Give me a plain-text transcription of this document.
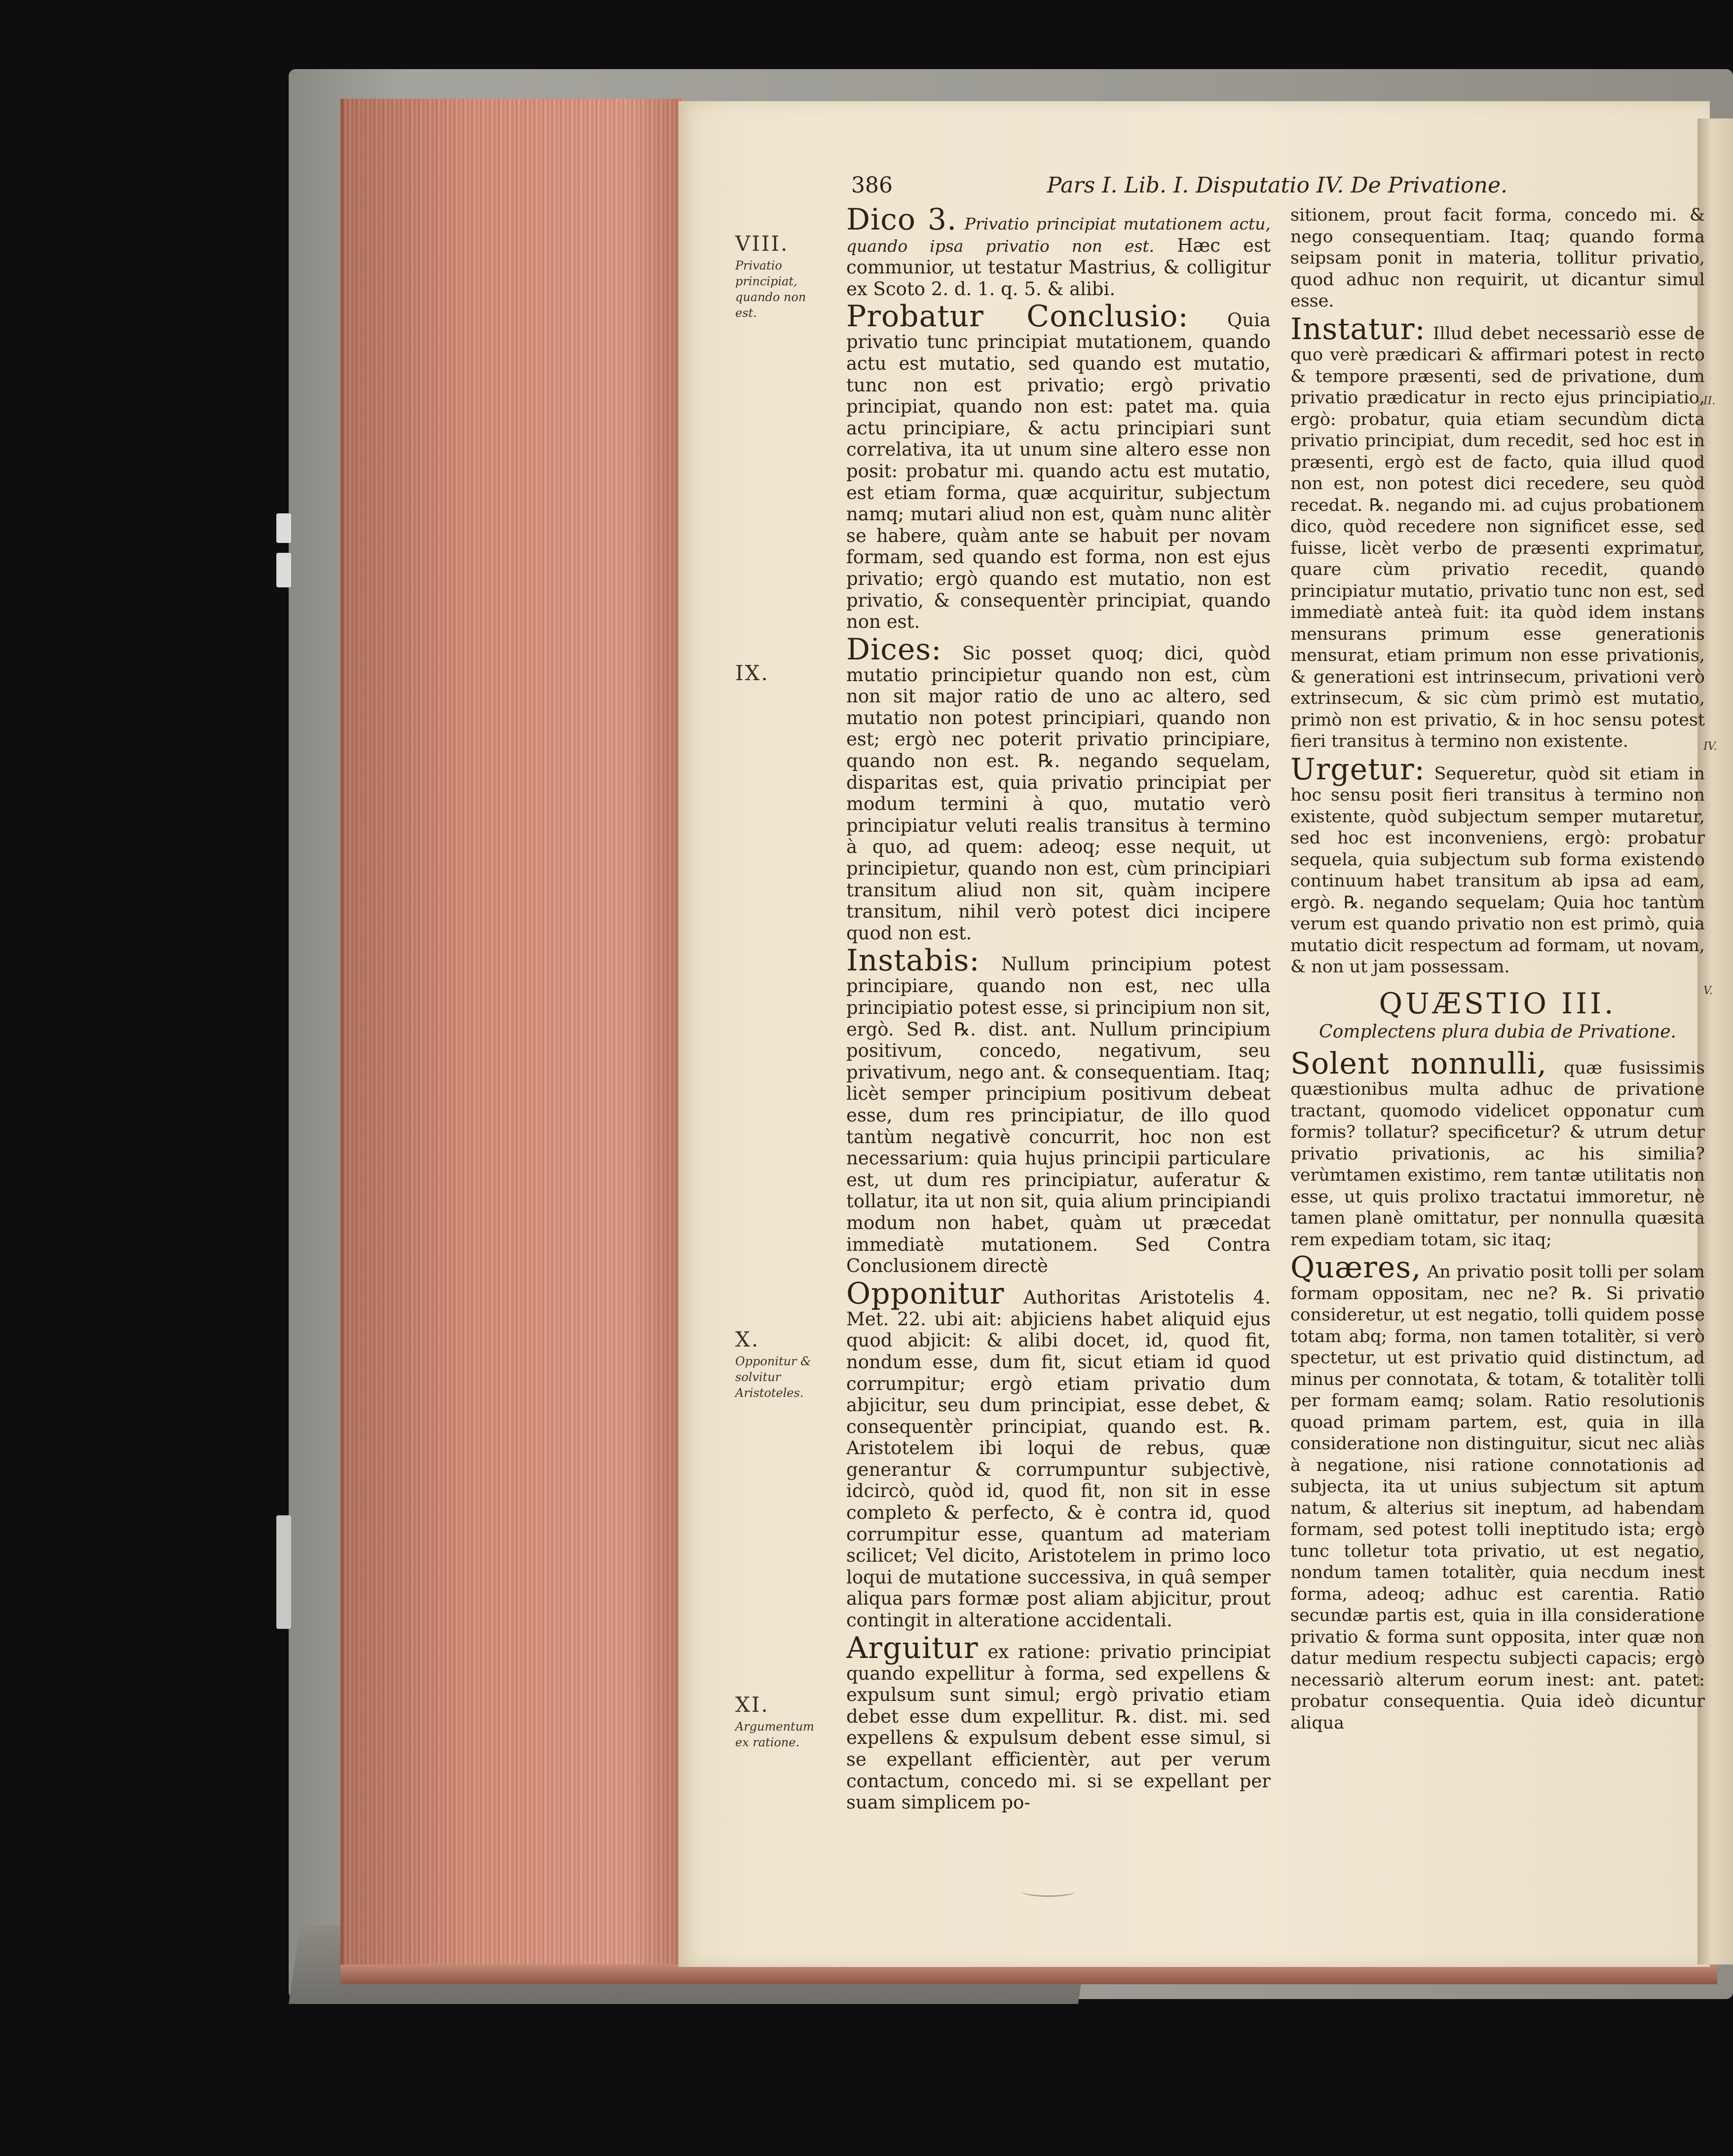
386	Pars I. Lib. I. Disputatio IV. De Privatione.
VIII.
Privatio principiat, quando non est.
IX.
X.
Opponitur & solvitur Aristoteles.
XI.
Argumentum ex ratione.
II.
IV.
V.

Dico 3. Privatio principiat mutationem actu, quando ipsa privatio non est. Hæc est communior, ut testatur Mastrius, & colligitur ex Scoto 2. d. 1. q. 5. & alibi.

Probatur Conclusio: Quia privatio tunc principiat mutationem, quando actu est mutatio, sed quando est mutatio, tunc non est privatio; ergò privatio principiat, quando non est: patet ma. quia actu principiare, & actu principiari sunt correlativa, ita ut unum sine altero esse non posit: probatur mi. quando actu est mutatio, est etiam forma, quæ acquiritur, subjectum namq; mutari aliud non est, quàm nunc alitèr se habere, quàm ante se habuit per novam formam, sed quando est forma, non est ejus privatio; ergò quando est mutatio, non est privatio, & consequentèr principiat, quando non est.

Dices: Sic posset quoq; dici, quòd mutatio principietur quando non est, cùm non sit major ratio de uno ac altero, sed mutatio non potest principiari, quando non est; ergò nec poterit privatio principiare, quando non est. ℞. negando sequelam, disparitas est, quia privatio principiat per modum termini à quo, mutatio verò principiatur veluti realis transitus à termino à quo, ad quem: adeoq; esse nequit, ut principietur, quando non est, cùm principiari transitum aliud non sit, quàm incipere transitum, nihil verò potest dici incipere quod non est.

Instabis: Nullum principium potest principiare, quando non est, nec ulla principiatio potest esse, si principium non sit, ergò. Sed ℞. dist. ant. Nullum principium positivum, concedo, negativum, seu privativum, nego ant. & consequentiam. Itaq; licèt semper principium positivum debeat esse, dum res principiatur, de illo quod tantùm negativè concurrit, hoc non est necessarium: quia hujus principii particulare est, ut dum res principiatur, auferatur & tollatur, ita ut non sit, quia alium principiandi modum non habet, quàm ut præcedat immediatè mutationem. Sed Contra Conclusionem directè

Opponitur Authoritas Aristotelis 4. Met. 22. ubi ait: abjiciens habet aliquid ejus quod abjicit: & alibi docet, id, quod fit, nondum esse, dum fit, sicut etiam id quod corrumpitur; ergò etiam privatio dum abjicitur, seu dum principiat, esse debet, & consequentèr principiat, quando est. ℞. Aristotelem ibi loqui de rebus, quæ generantur & corrumpuntur subjectivè, idcircò, quòd id, quod fit, non sit in esse completo & perfecto, & è contra id, quod corrumpitur esse, quantum ad materiam scilicet; Vel dicito, Aristotelem in primo loco loqui de mutatione successiva, in quâ semper aliqua pars formæ post aliam abjicitur, prout contingit in alteratione accidentali.

Arguitur ex ratione: privatio principiat quando expellitur à forma, sed expellens & expulsum sunt simul; ergò privatio etiam debet esse dum expellitur. ℞. dist. mi. sed expellens & expulsum debent esse simul, si se expellant efficientèr, aut per verum contactum, concedo mi. si se expellant per suam simplicem po-

sitionem, prout facit forma, concedo mi. & nego consequentiam. Itaq; quando forma seipsam ponit in materia, tollitur privatio, quod adhuc non requirit, ut dicantur simul esse.

Instatur: Illud debet necessariò esse de quo verè prædicari & affirmari potest in recto & tempore præsenti, sed de privatione, dum privatio prædicatur in recto ejus principiatio, ergò: probatur, quia etiam secundùm dicta privatio principiat, dum recedit, sed hoc est in præsenti, ergò est de facto, quia illud quod non est, non potest dici recedere, seu quòd recedat. ℞. negando mi. ad cujus probationem dico, quòd recedere non significet esse, sed fuisse, licèt verbo de præsenti exprimatur, quare cùm privatio recedit, quando principiatur mutatio, privatio tunc non est, sed immediatè anteà fuit: ita quòd idem instans mensurans primum esse generationis mensurat, etiam primum non esse privationis, & generationi est intrinsecum, privationi verò extrinsecum, & sic cùm primò est mutatio, primò non est privatio, & in hoc sensu potest fieri transitus à termino non existente.

Urgetur: Sequeretur, quòd sit etiam in hoc sensu posit fieri transitus à termino non existente, quòd subjectum semper mutaretur, sed hoc est inconveniens, ergò: probatur sequela, quia subjectum sub forma existendo continuum habet transitum ab ipsa ad eam, ergò. ℞. negando sequelam; Quia hoc tantùm verum est quando privatio non est primò, quia mutatio dicit respectum ad formam, ut novam, & non ut jam possessam.

QUÆSTIO III.
Complectens plura dubia de Privatione.

Solent nonnulli, quæ fusissimis quæstionibus multa adhuc de privatione tractant, quomodo videlicet opponatur cum formis? tollatur? specificetur? & utrum detur privatio privationis, ac his similia? verùmtamen existimo, rem tantæ utilitatis non esse, ut quis prolixo tractatui immoretur, nè tamen planè omittatur, per nonnulla quæsita rem expediam totam, sic itaq;

Quæres, An privatio posit tolli per solam formam oppositam, nec ne? ℞. Si privatio consideretur, ut est negatio, tolli quidem posse totam abq; forma, non tamen totalitèr, si verò spectetur, ut est privatio quid distinctum, ad minus per connotata, & totam, & totalitèr tolli per formam eamq; solam. Ratio resolutionis quoad primam partem, est, quia in illa consideratione non distinguitur, sicut nec aliàs à negatione, nisi ratione connotationis ad subjecta, ita ut unius subjectum sit aptum natum, & alterius sit ineptum, ad habendam formam, sed potest tolli ineptitudo ista; ergò tunc tolletur tota privatio, ut est negatio, nondum tamen totalitèr, quia necdum inest forma, adeoq; adhuc est carentia. Ratio secundæ partis est, quia in illa consideratione privatio & forma sunt opposita, inter quæ non datur medium respectu subjecti capacis; ergò necessariò alterum eorum inest: ant. patet: probatur consequentia. Quia ideò dicuntur aliqua
